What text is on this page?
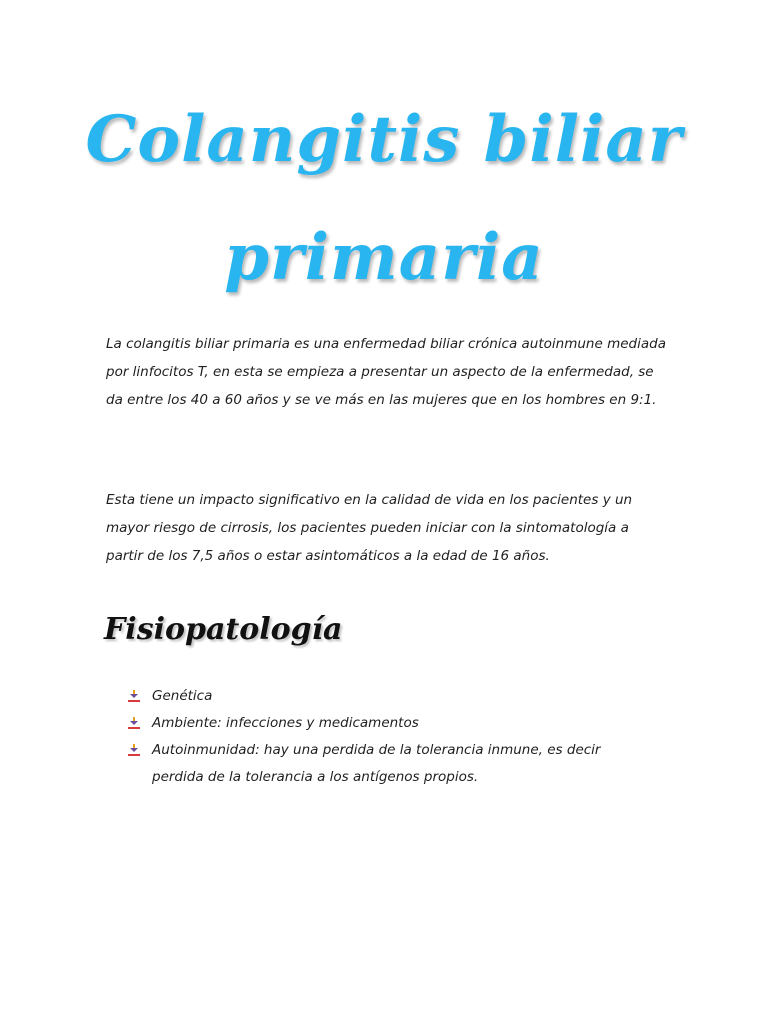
Colangitis biliar
primaria

La colangitis biliar primaria es una enfermedad biliar crónica autoinmune mediada por linfocitos T, en esta se empieza a presentar un aspecto de la enfermedad, se da entre los 40 a 60 años y se ve más en las mujeres que en los hombres en 9:1.

Esta tiene un impacto significativo en la calidad de vida en los pacientes y un mayor riesgo de cirrosis, los pacientes pueden iniciar con la sintomatología a partir de los 7,5 años o estar asintomáticos a la edad de 16 años.

Fisiopatología
Genética
Ambiente: infecciones y medicamentos
Autoinmunidad: hay una perdida de la tolerancia inmune, es decir perdida de la tolerancia a los antígenos propios.
